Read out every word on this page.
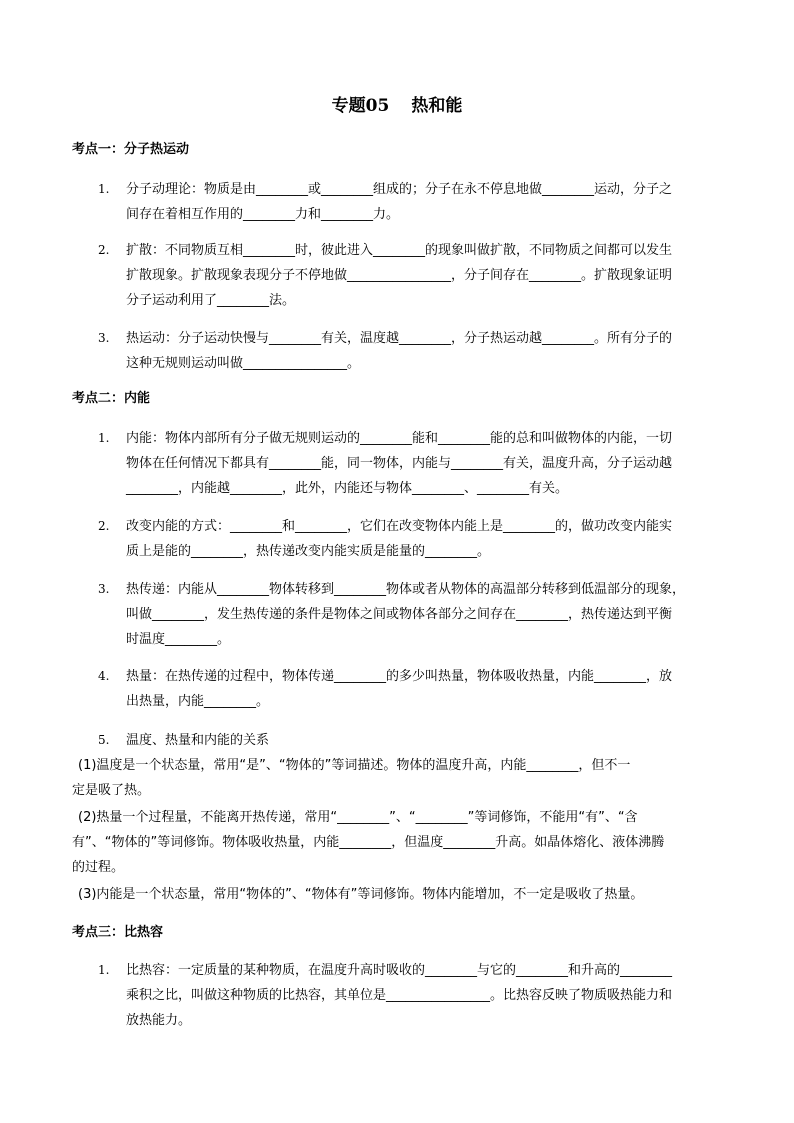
专题05 热和能
考点一：分子热运动
1. 分子动理论：物质是由________或________组成的；分子在永不停息地做________运动，分子之
间存在着相互作用的________力和________力。
2. 扩散：不同物质互相________时，彼此进入________的现象叫做扩散，不同物质之间都可以发生
扩散现象。扩散现象表现分子不停地做________________，分子间存在________。扩散现象证明
分子运动利用了________法。
3. 热运动：分子运动快慢与________有关，温度越________，分子热运动越________。所有分子的
这种无规则运动叫做________________。
考点二：内能
1. 内能：物体内部所有分子做无规则运动的________能和________能的总和叫做物体的内能，一切
物体在任何情况下都具有________能，同一物体，内能与________有关，温度升高，分子运动越
________，内能越________，此外，内能还与物体________、________有关。
2. 改变内能的方式：________和________，它们在改变物体内能上是________的，做功改变内能实
质上是能的________，热传递改变内能实质是能量的________。
3. 热传递：内能从________物体转移到________物体或者从物体的高温部分转移到低温部分的现象，
叫做________，发生热传递的条件是物体之间或物体各部分之间存在________，热传递达到平衡
时温度________。
4. 热量：在热传递的过程中，物体传递________的多少叫热量，物体吸收热量，内能________，放
出热量，内能________。
5. 温度、热量和内能的关系
(1)温度是一个状态量，常用“是”、“物体的”等词描述。物体的温度升高，内能________，但不一
定是吸了热。
(2)热量一个过程量，不能离开热传递，常用“________”、“________”等词修饰，不能用“有”、“含
有”、“物体的”等词修饰。物体吸收热量，内能________，但温度________升高。如晶体熔化、液体沸腾
的过程。
(3)内能是一个状态量，常用“物体的”、“物体有”等词修饰。物体内能增加，不一定是吸收了热量。
考点三：比热容
1. 比热容：一定质量的某种物质，在温度升高时吸收的________与它的________和升高的________
乘积之比，叫做这种物质的比热容，其单位是________________。比热容反映了物质吸热能力和
放热能力。
